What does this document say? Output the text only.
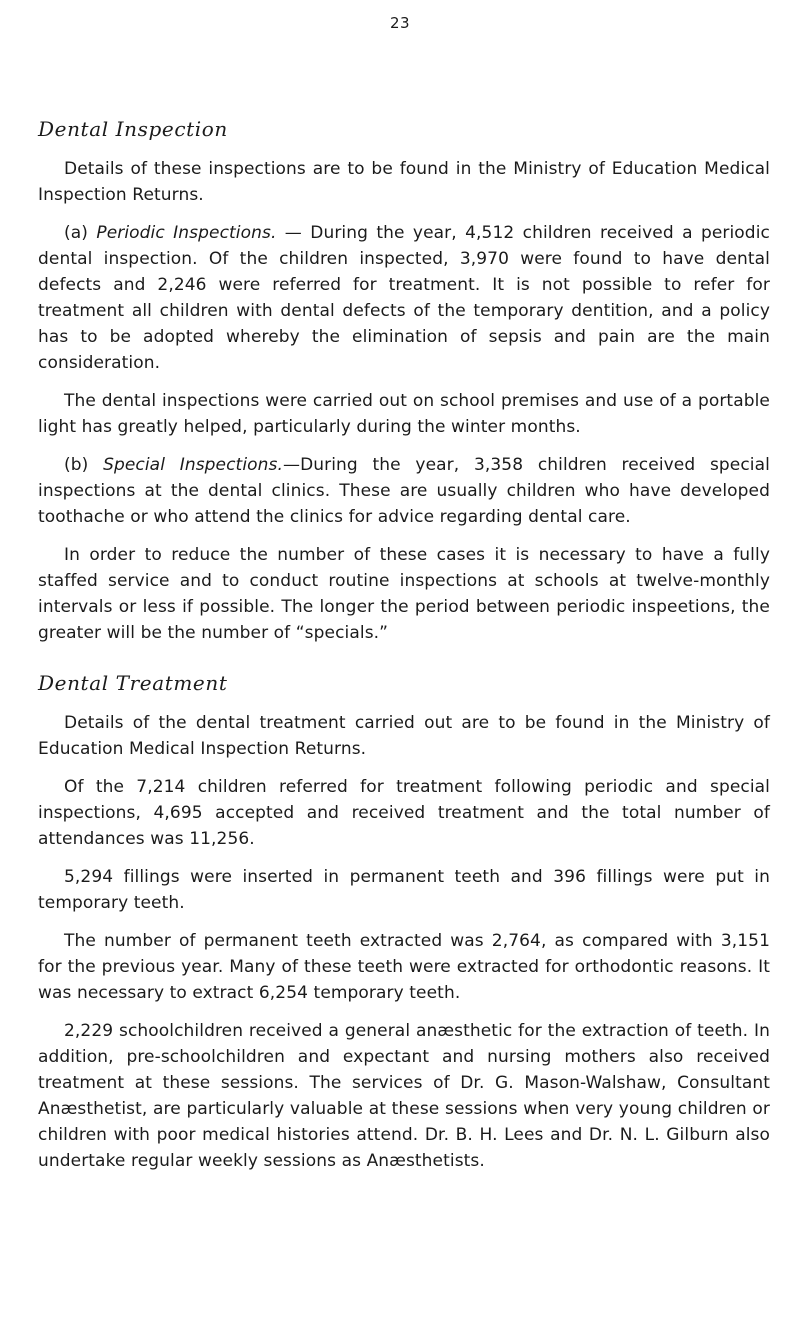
23
Dental Inspection

Details of these inspections are to be found in the Ministry of Education Medical Inspection Returns.

(a) Periodic Inspections. — During the year, 4,512 children received a periodic dental inspection. Of the children inspected, 3,970 were found to have dental defects and 2,246 were referred for treatment. It is not possible to refer for treatment all children with dental defects of the temporary dentition, and a policy has to be adopted whereby the elimination of sepsis and pain are the main consideration.

The dental inspections were carried out on school premises and use of a portable light has greatly helped, particularly during the winter months.

(b) Special Inspections.—During the year, 3,358 children received special inspections at the dental clinics. These are usually children who have developed toothache or who attend the clinics for advice regarding dental care.

In order to reduce the number of these cases it is necessary to have a fully staffed service and to conduct routine inspections at schools at twelve-monthly intervals or less if possible. The longer the period between periodic inspeetions, the greater will be the number of “specials.”

Dental Treatment

Details of the dental treatment carried out are to be found in the Ministry of Education Medical Inspection Returns.

Of the 7,214 children referred for treatment following periodic and special inspections, 4,695 accepted and received treatment and the total number of attendances was 11,256.

5,294 fillings were inserted in permanent teeth and 396 fillings were put in temporary teeth.

The number of permanent teeth extracted was 2,764, as compared with 3,151 for the previous year. Many of these teeth were extracted for orthodontic reasons. It was necessary to extract 6,254 temporary teeth.

2,229 schoolchildren received a general anæsthetic for the extraction of teeth. In addition, pre-schoolchildren and expectant and nursing mothers also received treatment at these sessions. The services of Dr. G. Mason-Walshaw, Consultant Anæsthetist, are particularly valuable at these sessions when very young children or children with poor medical histories attend. Dr. B. H. Lees and Dr. N. L. Gilburn also undertake regular weekly sessions as Anæsthetists.
